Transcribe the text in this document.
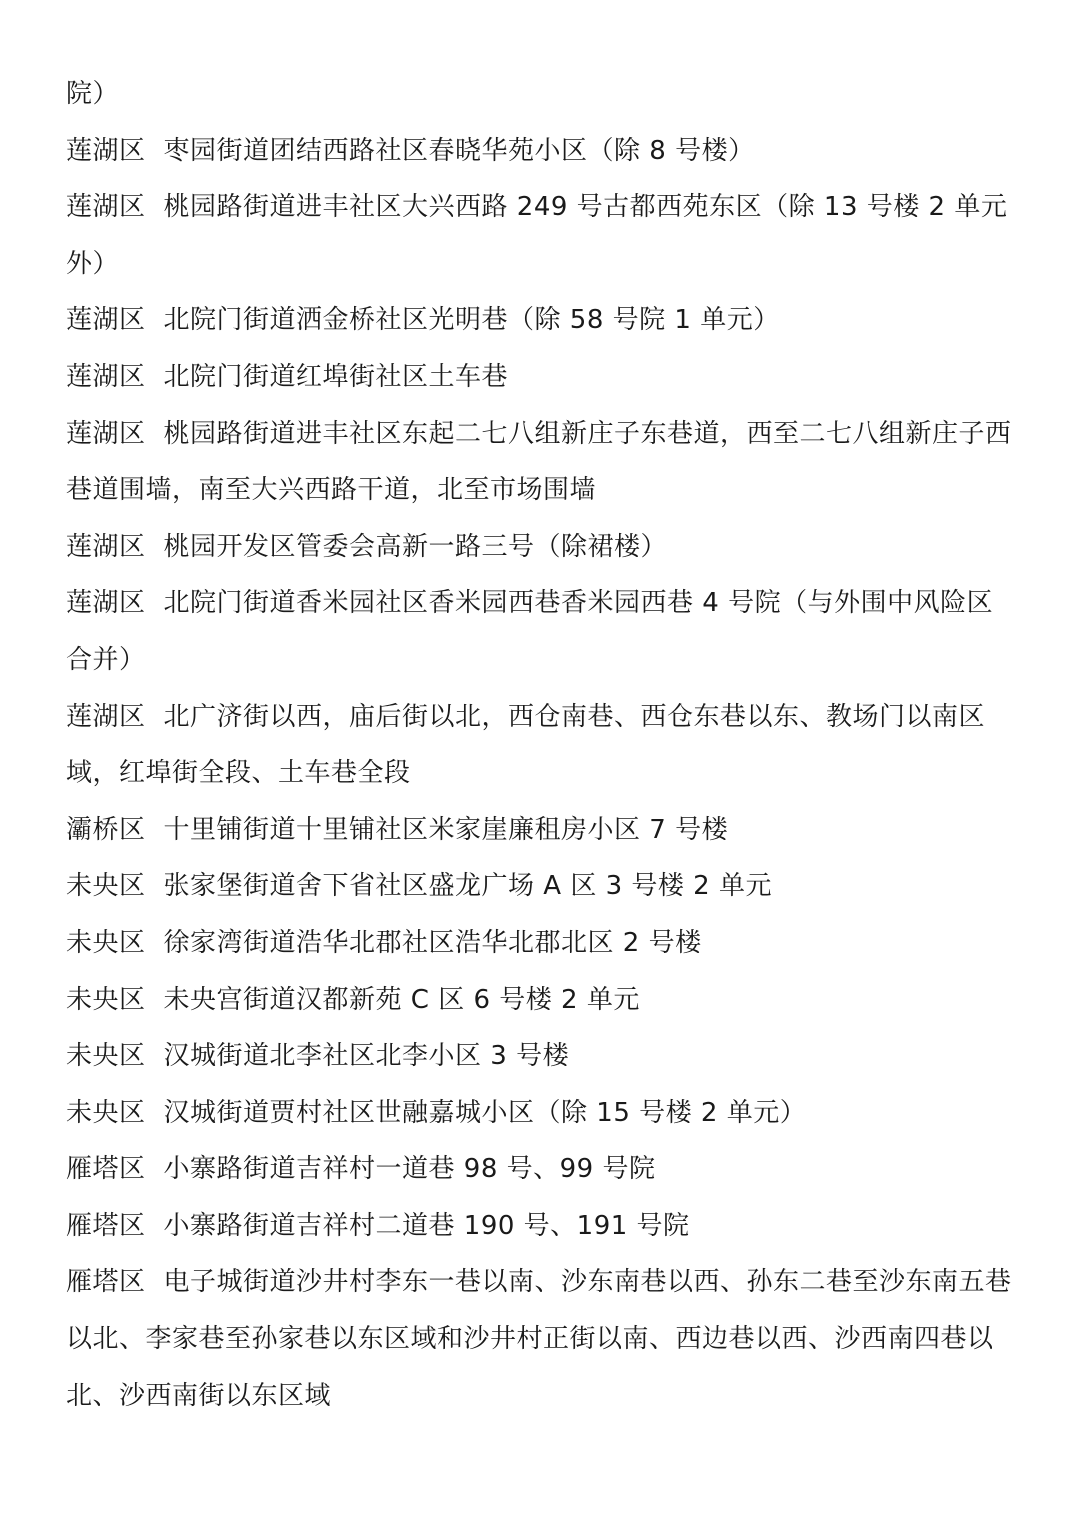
院）

莲湖区 枣园街道团结西路社区春晓华苑小区（除 8 号楼）

莲湖区 桃园路街道进丰社区大兴西路 249 号古都西苑东区（除 13 号楼 2 单元外）

莲湖区 北院门街道洒金桥社区光明巷（除 58 号院 1 单元）

莲湖区 北院门街道红埠街社区土车巷

莲湖区 桃园路街道进丰社区东起二七八组新庄子东巷道，西至二七八组新庄子西巷道围墙，南至大兴西路干道，北至市场围墙

莲湖区 桃园开发区管委会高新一路三号（除裙楼）

莲湖区 北院门街道香米园社区香米园西巷香米园西巷 4 号院（与外围中风险区合并）

莲湖区 北广济街以西，庙后街以北，西仓南巷、西仓东巷以东、教场门以南区域，红埠街全段、土车巷全段

灞桥区 十里铺街道十里铺社区米家崖廉租房小区 7 号楼

未央区 张家堡街道舍下省社区盛龙广场 A 区 3 号楼 2 单元

未央区 徐家湾街道浩华北郡社区浩华北郡北区 2 号楼

未央区 未央宫街道汉都新苑 C 区 6 号楼 2 单元

未央区 汉城街道北李社区北李小区 3 号楼

未央区 汉城街道贾村社区世融嘉城小区（除 15 号楼 2 单元）

雁塔区 小寨路街道吉祥村一道巷 98 号、99 号院

雁塔区 小寨路街道吉祥村二道巷 190 号、191 号院

雁塔区 电子城街道沙井村李东一巷以南、沙东南巷以西、孙东二巷至沙东南五巷以北、李家巷至孙家巷以东区域和沙井村正街以南、西边巷以西、沙西南四巷以北、沙西南街以东区域
